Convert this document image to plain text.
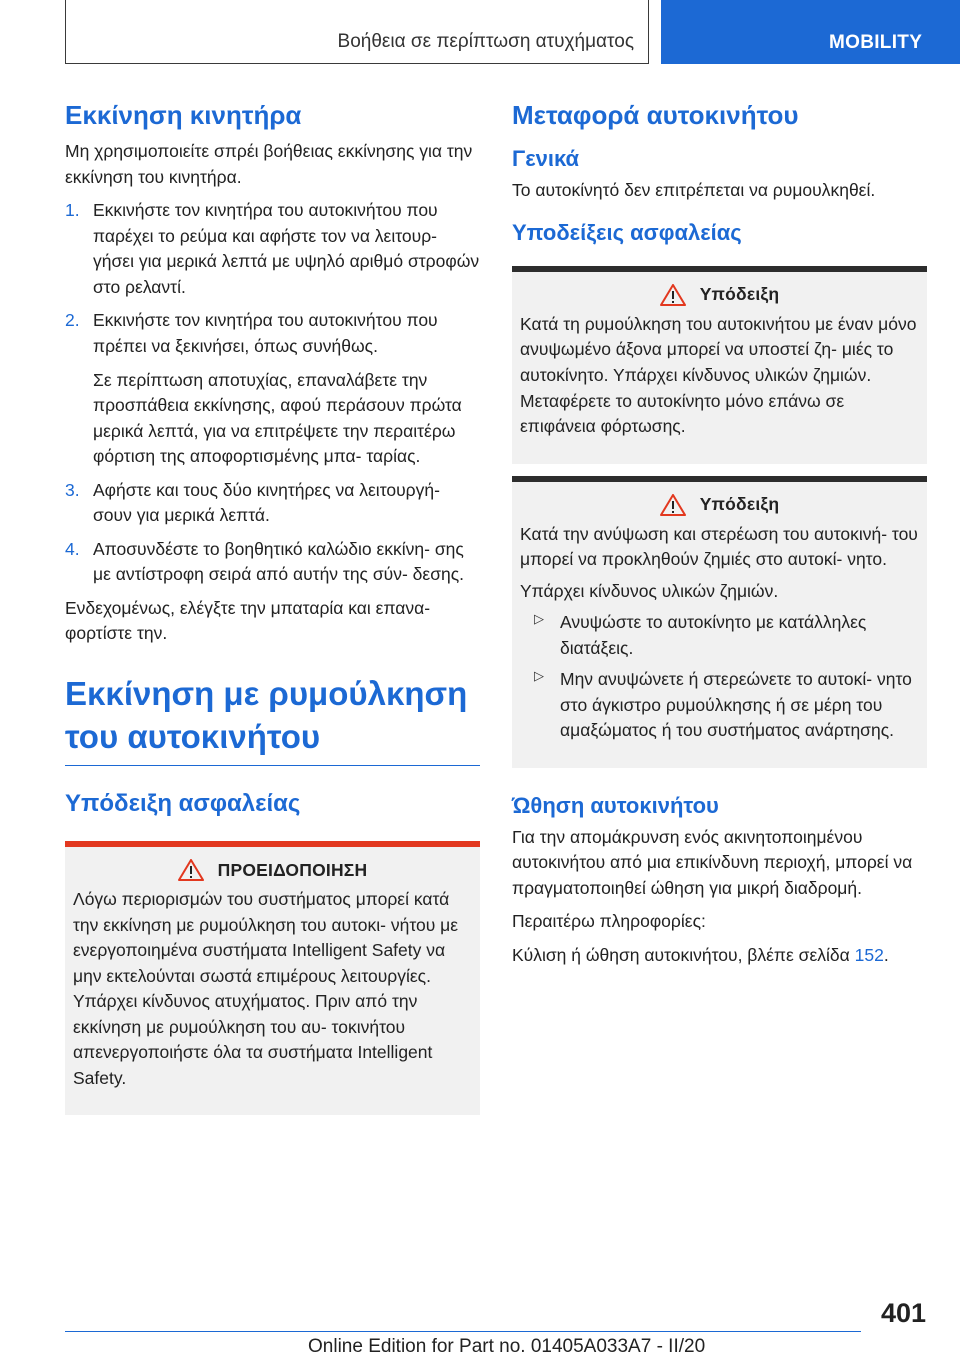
Βοήθεια σε περίπτωση ατυχήματος	MOBILITY
Εκκίνηση κινητήρα

Μη χρησιμοποιείτε σπρέι βοήθειας εκκίνησης για την εκκίνηση του κινητήρα.

1. Εκκινήστε τον κινητήρα του αυτοκινήτου που παρέχει το ρεύμα και αφήστε τον να λειτουρ‐ γήσει για μερικά λεπτά με υψηλό αριθμό στροφών στο ρελαντί.
2. Εκκινήστε τον κινητήρα του αυτοκινήτου που πρέπει να ξεκινήσει, όπως συνήθως.
Σε περίπτωση αποτυχίας, επαναλάβετε την προσπάθεια εκκίνησης, αφού περάσουν πρώτα μερικά λεπτά, για να επιτρέψετε την περαιτέρω φόρτιση της αποφορτισμένης μπα‐ ταρίας.
3. Αφήστε και τους δύο κινητήρες να λειτουργή‐ σουν για μερικά λεπτά.
4. Αποσυνδέστε το βοηθητικό καλώδιο εκκίνη‐ σης με αντίστροφη σειρά από αυτήν της σύν‐ δεσης.

Ενδεχομένως, ελέγξτε την μπαταρία και επανα‐ φορτίστε την.

Εκκίνηση με ρυμούλκηση του αυτοκινήτου
Υπόδειξη ασφαλείας
ΠΡΟΕΙΔΟΠΟΙΗΣΗ

Λόγω περιορισμών του συστήματος μπορεί κατά την εκκίνηση με ρυμούλκηση του αυτοκι‐ νήτου με ενεργοποιημένα συστήματα Intelligent Safety να μην εκτελούνται σωστά επιμέρους λειτουργίες. Υπάρχει κίνδυνος ατυχήματος. Πριν από την εκκίνηση με ρυμούλκηση του αυ‐ τοκινήτου απενεργοποιήστε όλα τα συστήματα Intelligent Safety.

Μεταφορά αυτοκινήτου
Γενικά

Το αυτοκίνητό δεν επιτρέπεται να ρυμουλκηθεί.

Υποδείξεις ασφαλείας
Υπόδειξη

Κατά τη ρυμούλκηση του αυτοκινήτου με έναν μόνο ανυψωμένο άξονα μπορεί να υποστεί ζη‐ μιές το αυτοκίνητο. Υπάρχει κίνδυνος υλικών ζημιών. Μεταφέρετε το αυτοκίνητο μόνο επάνω σε επιφάνεια φόρτωσης.

Υπόδειξη

Κατά την ανύψωση και στερέωση του αυτοκινή‐ του μπορεί να προκληθούν ζημιές στο αυτοκί‐ νητο.

Υπάρχει κίνδυνος υλικών ζημιών.

▷ Ανυψώστε το αυτοκίνητο με κατάλληλες διατάξεις.
▷ Μην ανυψώνετε ή στερεώνετε το αυτοκί‐ νητο στο άγκιστρο ρυμούλκησης ή σε μέρη του αμαξώματος ή του συστήματος ανάρτησης.
Ώθηση αυτοκινήτου

Για την απομάκρυνση ενός ακινητοποιημένου αυτοκινήτου από μια επικίνδυνη περιοχή, μπορεί να πραγματοποιηθεί ώθηση για μικρή διαδρομή.

Περαιτέρω πληροφορίες:

Κύλιση ή ώθηση αυτοκινήτου, βλέπε σελίδα 152.

401
Online Edition for Part no. 01405A033A7 - II/20
